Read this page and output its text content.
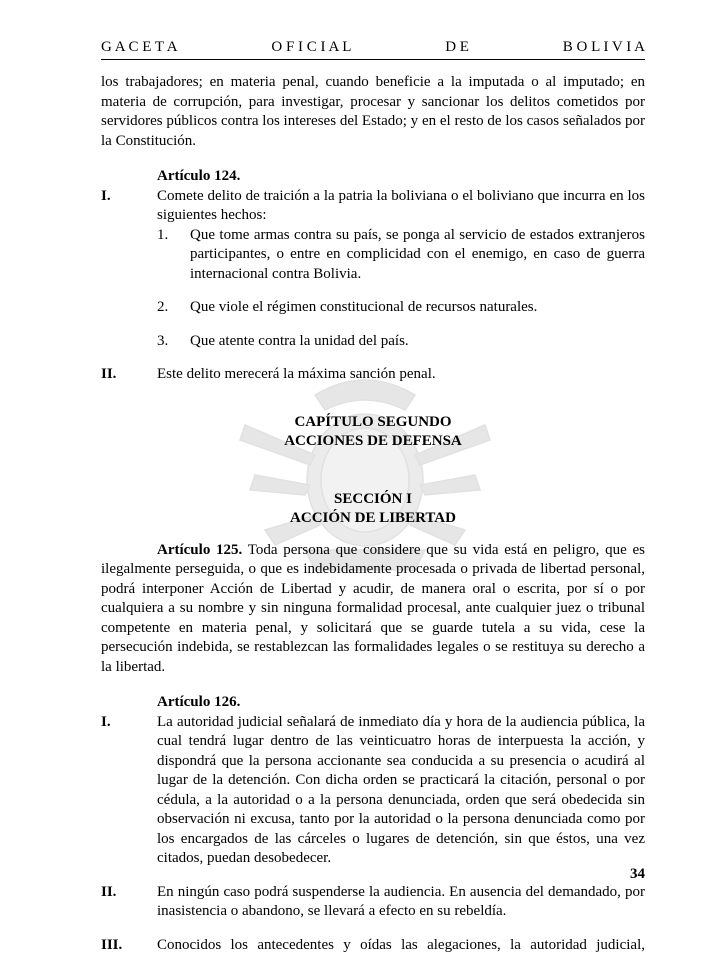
G A C E T A	O F I C I A L	D E	B O L I V I A

los trabajadores; en materia penal, cuando beneficie a la imputada o al imputado; en materia de corrupción, para investigar, procesar y sancionar los delitos cometidos por servidores públicos contra los intereses del Estado; y en el resto de los casos señalados por la Constitución.

Artículo 124.
I.	Comete delito de traición a la patria la boliviana o el boliviano que incurra en los siguientes hechos:
1.	Que tome armas contra su país, se ponga al servicio de estados extranjeros participantes, o entre en complicidad con el enemigo, en caso de guerra internacional contra Bolivia.
2.	Que viole el régimen constitucional de recursos naturales.
3.	Que atente contra la unidad del país.
II.	Este delito merecerá la máxima sanción penal.
CAPÍTULO SEGUNDO
ACCIONES DE DEFENSA
SECCIÓN I
ACCIÓN DE LIBERTAD

Artículo 125. Toda persona que considere que su vida está en peligro, que es ilegalmente perseguida, o que es indebidamente procesada o privada de libertad personal, podrá interponer Acción de Libertad y acudir, de manera oral o escrita, por sí o por cualquiera a su nombre y sin ninguna formalidad procesal, ante cualquier juez o tribunal competente en materia penal, y solicitará que se guarde tutela a su vida, cese la persecución indebida, se restablezcan las formalidades legales o se restituya su derecho a la libertad.

Artículo 126.
I.	La autoridad judicial señalará de inmediato día y hora de la audiencia pública, la cual tendrá lugar dentro de las veinticuatro horas de interpuesta la acción, y dispondrá que la persona accionante sea conducida a su presencia o acudirá al lugar de la detención. Con dicha orden se practicará la citación, personal o por cédula, a la autoridad o a la persona denunciada, orden que será obedecida sin observación ni excusa, tanto por la autoridad o la persona denunciada como por los encargados de las cárceles o lugares de detención, sin que éstos, una vez citados, puedan desobedecer.
II.	En ningún caso podrá suspenderse la audiencia. En ausencia del demandado, por inasistencia o abandono, se llevará a efecto en su rebeldía.
III.	Conocidos los antecedentes y oídas las alegaciones, la autoridad judicial,
34
